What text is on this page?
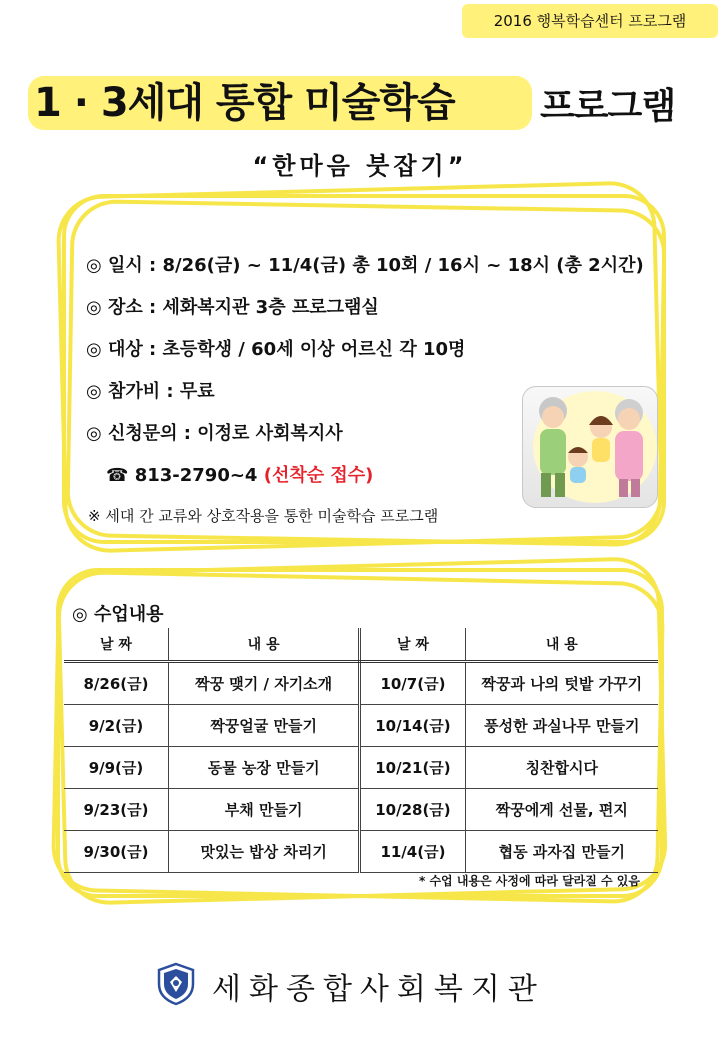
2016 행복학습센터 프로그램
1 · 3세대 통합 미술학습 프로그램
“한마음 붓잡기”
◎ 일시 : 8/26(금) ~ 11/4(금) 총 10회 / 16시 ~ 18시 (총 2시간)
◎ 장소 : 세화복지관 3층 프로그램실
◎ 대상 : 초등학생 / 60세 이상 어르신 각 10명
◎ 참가비 : 무료
◎ 신청문의 : 이정로 사회복지사
☎ 813-2790~4 (선착순 접수)
※ 세대 간 교류와 상호작용을 통한 미술학습 프로그램
◎ 수업내용
날 짜	내 용	날 짜	내 용
8/26(금)	짝꿍 맺기 / 자기소개	10/7(금)	짝꿍과 나의 텃밭 가꾸기
9/2(금)	짝꿍얼굴 만들기	10/14(금)	풍성한 과실나무 만들기
9/9(금)	동물 농장 만들기	10/21(금)	칭찬합시다
9/23(금)	부채 만들기	10/28(금)	짝꿍에게 선물, 편지
9/30(금)	맛있는 밥상 차리기	11/4(금)	협동 과자집 만들기
* 수업 내용은 사정에 따라 달라질 수 있음
세화종합사회복지관
